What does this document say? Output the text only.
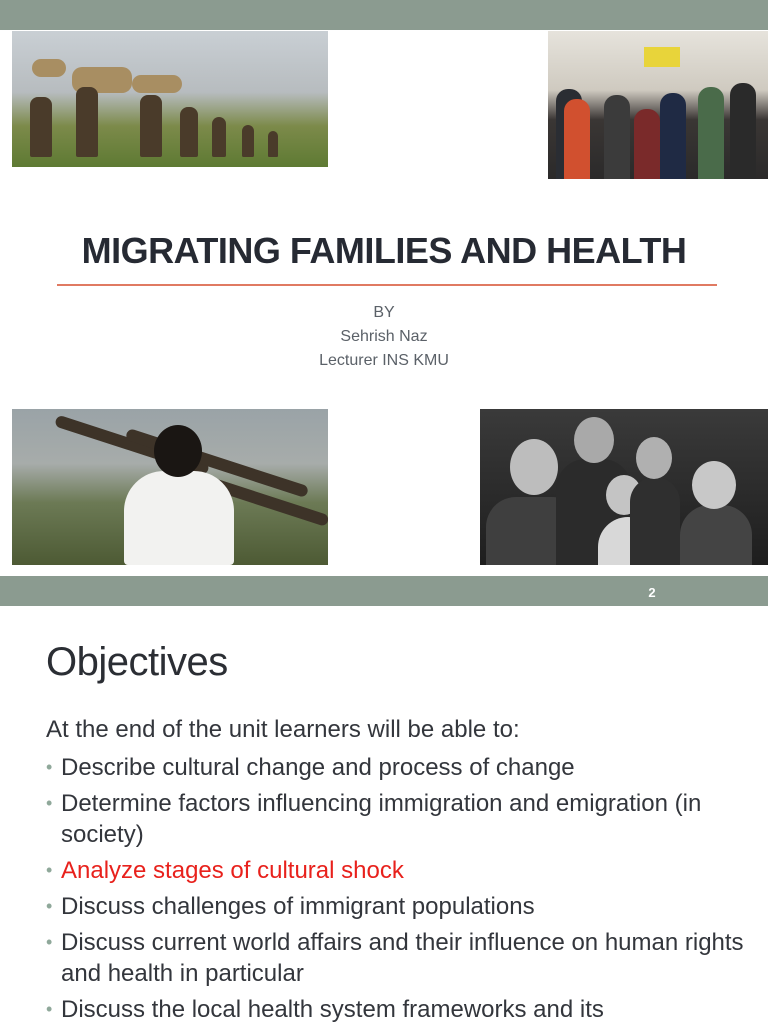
MIGRATING FAMILIES AND HEALTH
BY
Sehrish Naz
Lecturer INS KMU
2
Objectives
At the end of the unit learners will be able to:
• Describe cultural change and process of change
• Determine factors influencing immigration and emigration (in society)
• Analyze stages of cultural shock
• Discuss challenges of immigrant populations
• Discuss current world affairs and their influence on human rights and health in particular
• Discuss the local health system frameworks and its
